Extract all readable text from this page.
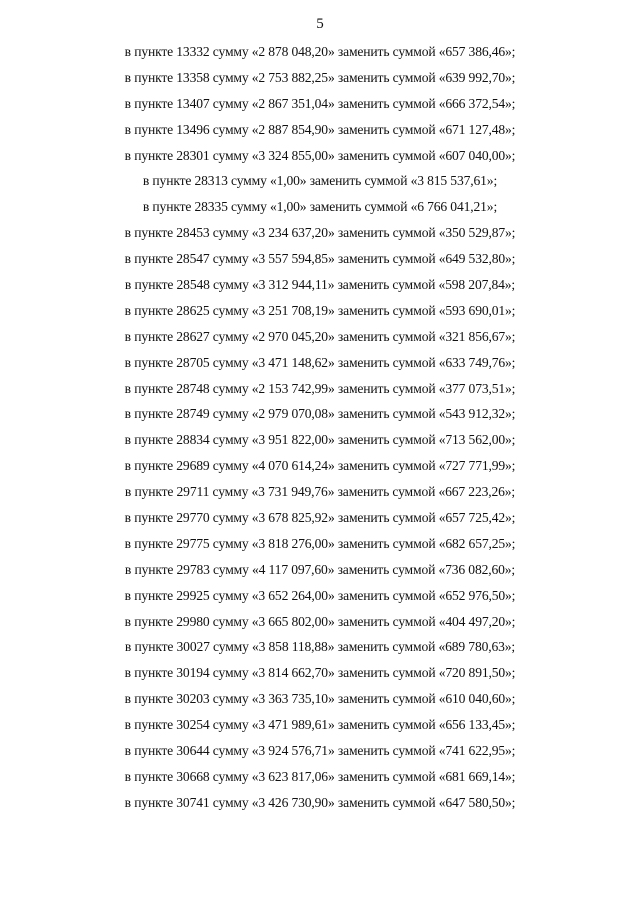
5
в пункте 13332 сумму «2 878 048,20» заменить суммой «657 386,46»;
в пункте 13358 сумму «2 753 882,25» заменить суммой «639 992,70»;
в пункте 13407 сумму «2 867 351,04» заменить суммой «666 372,54»;
в пункте 13496 сумму «2 887 854,90» заменить суммой «671 127,48»;
в пункте 28301 сумму «3 324 855,00» заменить суммой «607 040,00»;
в пункте 28313 сумму «1,00» заменить суммой «3 815 537,61»;
в пункте 28335 сумму «1,00» заменить суммой «6 766 041,21»;
в пункте 28453 сумму «3 234 637,20» заменить суммой «350 529,87»;
в пункте 28547 сумму «3 557 594,85» заменить суммой «649 532,80»;
в пункте 28548 сумму «3 312 944,11» заменить суммой «598 207,84»;
в пункте 28625 сумму «3 251 708,19» заменить суммой «593 690,01»;
в пункте 28627 сумму «2 970 045,20» заменить суммой «321 856,67»;
в пункте 28705 сумму «3 471 148,62» заменить суммой «633 749,76»;
в пункте 28748 сумму «2 153 742,99» заменить суммой «377 073,51»;
в пункте 28749 сумму «2 979 070,08» заменить суммой «543 912,32»;
в пункте 28834 сумму «3 951 822,00» заменить суммой «713 562,00»;
в пункте 29689 сумму «4 070 614,24» заменить суммой «727 771,99»;
в пункте 29711 сумму «3 731 949,76» заменить суммой «667 223,26»;
в пункте 29770 сумму «3 678 825,92» заменить суммой «657 725,42»;
в пункте 29775 сумму «3 818 276,00» заменить суммой «682 657,25»;
в пункте 29783 сумму «4 117 097,60» заменить суммой «736 082,60»;
в пункте 29925 сумму «3 652 264,00» заменить суммой «652 976,50»;
в пункте 29980 сумму «3 665 802,00» заменить суммой «404 497,20»;
в пункте 30027 сумму «3 858 118,88» заменить суммой «689 780,63»;
в пункте 30194 сумму «3 814 662,70» заменить суммой «720 891,50»;
в пункте 30203 сумму «3 363 735,10» заменить суммой «610 040,60»;
в пункте 30254 сумму «3 471 989,61» заменить суммой «656 133,45»;
в пункте 30644 сумму «3 924 576,71» заменить суммой «741 622,95»;
в пункте 30668 сумму «3 623 817,06» заменить суммой «681 669,14»;
в пункте 30741 сумму «3 426 730,90» заменить суммой «647 580,50»;
